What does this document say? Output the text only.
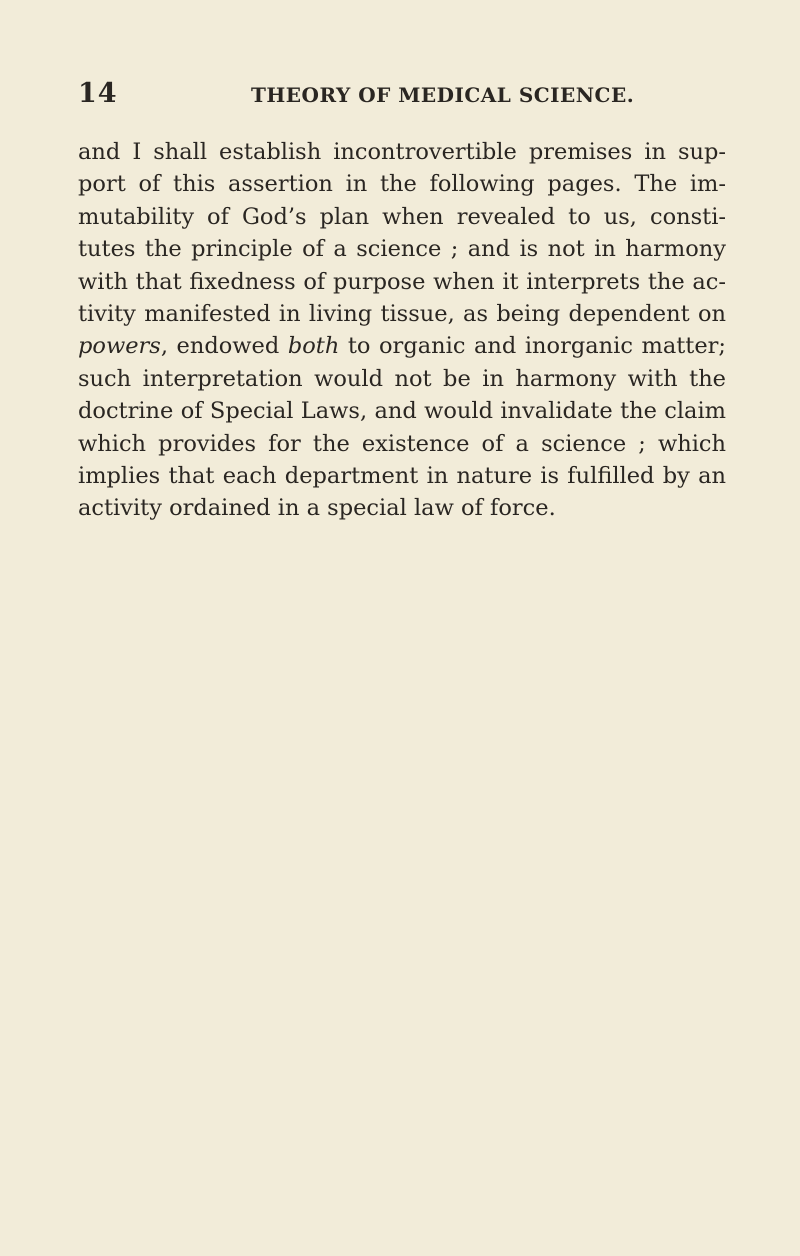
14	THEORY OF MEDICAL SCIENCE.
and I shall establish incontrovertible premises in sup-
port of this assertion in the following pages. The im-
mutability of God’s plan when revealed to us, consti-
tutes the principle of a science ; and is not in harmony
with that fixedness of purpose when it interprets the ac-
tivity manifested in living tissue, as being dependent on
powers, endowed both to organic and inorganic matter;
such interpretation would not be in harmony with the
doctrine of Special Laws, and would invalidate the claim
which provides for the existence of a science ; which
implies that each department in nature is fulfilled by an
activity ordained in a special law of force.
